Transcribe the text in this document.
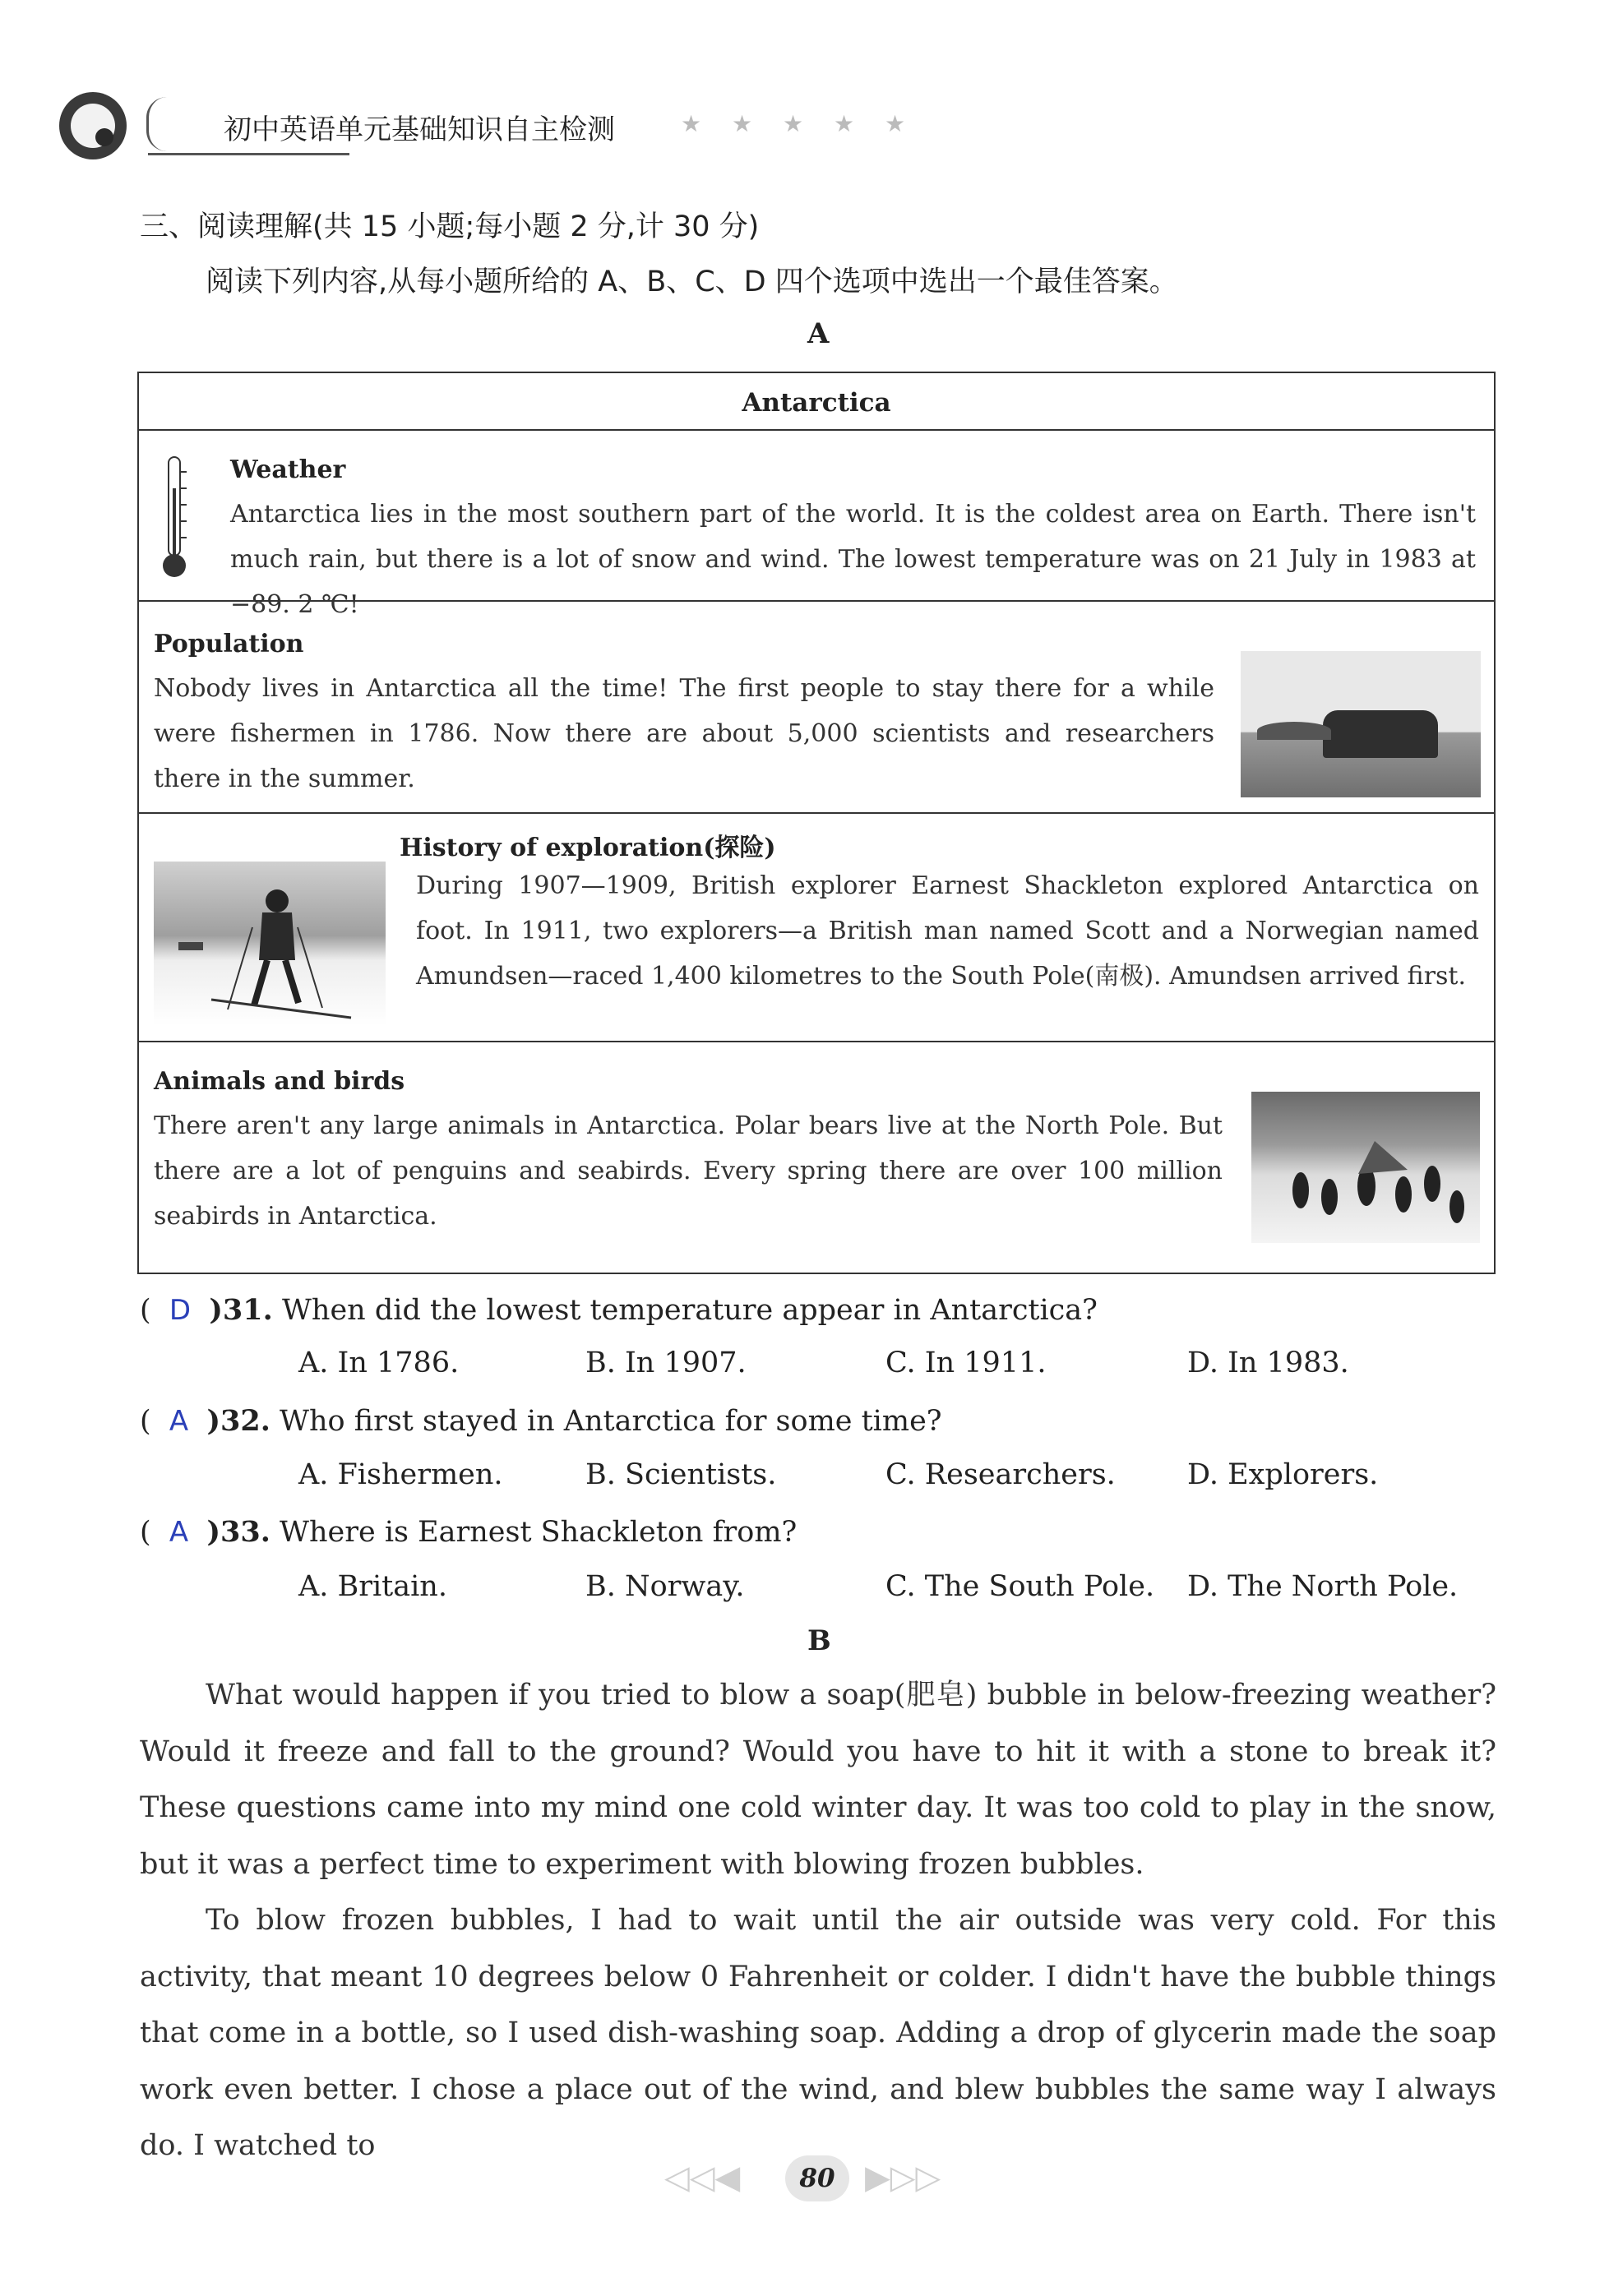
初中英语单元基础知识自主检测	★ ★ ★ ★ ★
三、阅读理解(共 15 小题;每小题 2 分,计 30 分)
阅读下列内容,从每小题所给的 A、B、C、D 四个选项中选出一个最佳答案。
A
Antarctica
Weather
Antarctica lies in the most southern part of the world. It is the coldest area on Earth. There isn't much rain, but there is a lot of snow and wind. The lowest temperature was on 21 July in 1983 at −89. 2 ℃!
Population
Nobody lives in Antarctica all the time! The first people to stay there for a while were fishermen in 1786. Now there are about 5,000 scientists and researchers there in the summer.
History of exploration(探险)
During 1907—1909, British explorer Earnest Shackleton explored Antarctica on foot. In 1911, two explorers—a British man named Scott and a Norwegian named Amundsen—raced 1,400 kilometres to the South Pole(南极). Amundsen arrived first.
Animals and birds
There aren't any large animals in Antarctica. Polar bears live at the North Pole. But there are a lot of penguins and seabirds. Every spring there are over 100 million seabirds in Antarctica.
(  D )31. When did the lowest temperature appear in Antarctica?
A. In 1786.	B. In 1907.	C. In 1911.	D. In 1983.
(  A )32. Who first stayed in Antarctica for some time?
A. Fishermen.	B. Scientists.	C. Researchers. D. Explorers.
(  A )33. Where is Earnest Shackleton from?
A. Britain.	B. Norway.	C. The South Pole. D. The North Pole.
B
What would happen if you tried to blow a soap(肥皂) bubble in below-freezing weather? Would it freeze and fall to the ground? Would you have to hit it with a stone to break it? These questions came into my mind one cold winter day. It was too cold to play in the snow, but it was a perfect time to experiment with blowing frozen bubbles.
To blow frozen bubbles, I had to wait until the air outside was very cold. For this activity, that meant 10 degrees below 0 Fahrenheit or colder. I didn't have the bubble things that come in a bottle, so I used dish-washing soap. Adding a drop of glycerin made the soap work even better. I chose a place out of the wind, and blew bubbles the same way I always do. I watched to
◁◁◀	80 ▶▷▷
